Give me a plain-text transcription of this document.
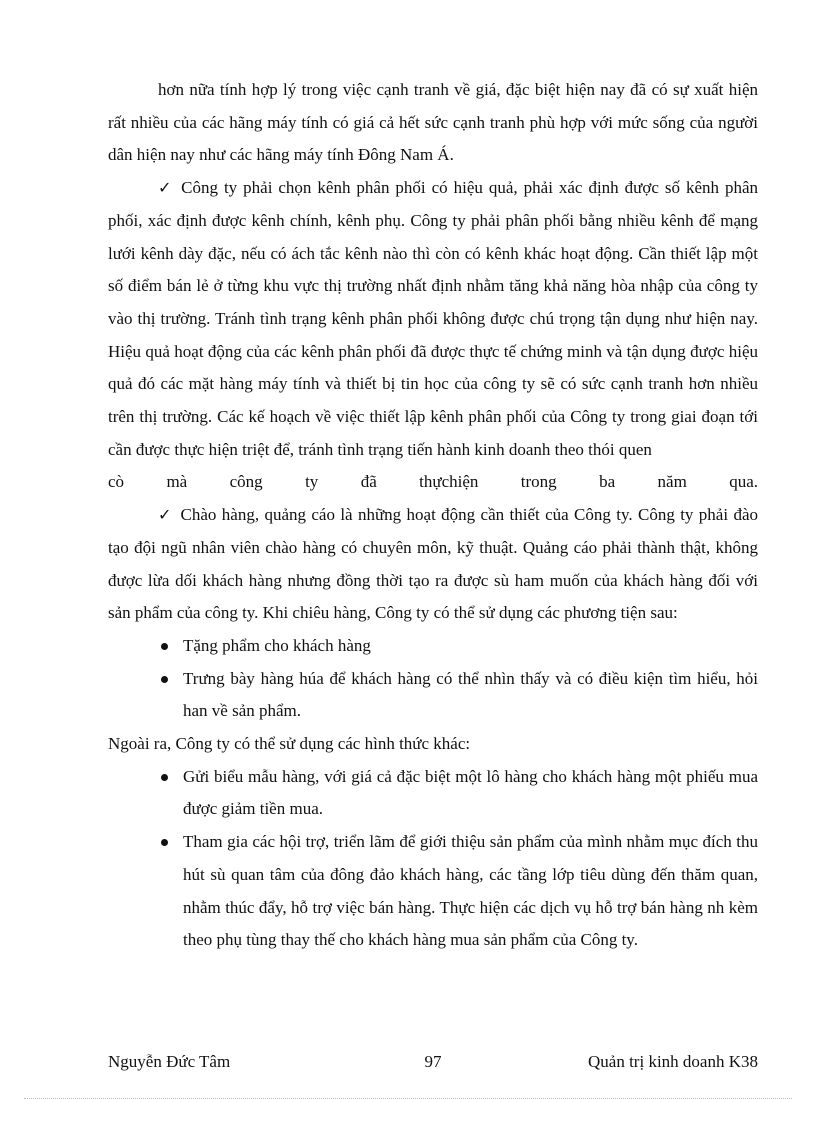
hơn nữa tính hợp lý trong việc cạnh tranh về giá, đặc biệt hiện nay đã có sự xuất hiện rất nhiều của các hãng máy tính có giá cả hết sức cạnh tranh phù hợp với mức sống của người dân hiện nay như các hãng máy tính Đông Nam Á.

✓ Công ty phải chọn kênh phân phối có hiệu quả, phải xác định được số kênh phân phối, xác định được kênh chính, kênh phụ. Công ty phải phân phối bằng nhiều kênh để mạng lưới kênh dày đặc, nếu có ách tắc kênh nào thì còn có kênh khác hoạt động. Cần thiết lập một số điểm bán lẻ ở từng khu vực thị trường nhất định nhằm tăng khả năng hòa nhập của công ty vào thị trường. Tránh tình trạng kênh phân phối không được chú trọng tận dụng như hiện nay. Hiệu quả hoạt động của các kênh phân phối đã được thực tế chứng minh và tận dụng được hiệu quả đó các mặt hàng máy tính và thiết bị tin học của công ty sẽ có sức cạnh tranh hơn nhiều trên thị trường. Các kế hoạch về việc thiết lập kênh phân phối của Công ty trong giai đoạn tới cần được thực hiện triệt để, tránh tình trạng tiến hành kinh doanh theo thói quen

cò mà công ty đã thựchiện trong ba năm qua.

✓ Chào hàng, quảng cáo là những hoạt động cần thiết của Công ty. Công ty phải đào tạo đội ngũ nhân viên chào hàng có chuyên môn, kỹ thuật. Quảng cáo phải thành thật, không được lừa dối khách hàng nhưng đồng thời tạo ra được sù ham muốn của khách hàng đối với sản phẩm của công ty. Khi chiêu hàng, Công ty có thể sử dụng các phương tiện sau:

Tặng phẩm cho khách hàng
Trưng bày hàng húa để khách hàng có thể nhìn thấy và có điều kiện tìm hiểu, hỏi han về sản phẩm.

Ngoài ra, Công ty có thể sử dụng các hình thức khác:

Gửi biểu mẫu hàng, với giá cả đặc biệt một lô hàng cho khách hàng một phiếu mua được giảm tiền mua.
Tham gia các hội trợ, triển lãm để giới thiệu sản phẩm của mình nhằm mục đích thu hút sù quan tâm của đông đảo khách hàng, các tầng lớp tiêu dùng đến thăm quan, nhằm thúc đẩy, hỗ trợ việc bán hàng. Thực hiện các dịch vụ hỗ trợ bán hàng nh kèm theo phụ tùng thay thế cho khách hàng mua sản phẩm của Công ty.
Nguyễn Đức Tâm	97	Quản trị kinh doanh K38
